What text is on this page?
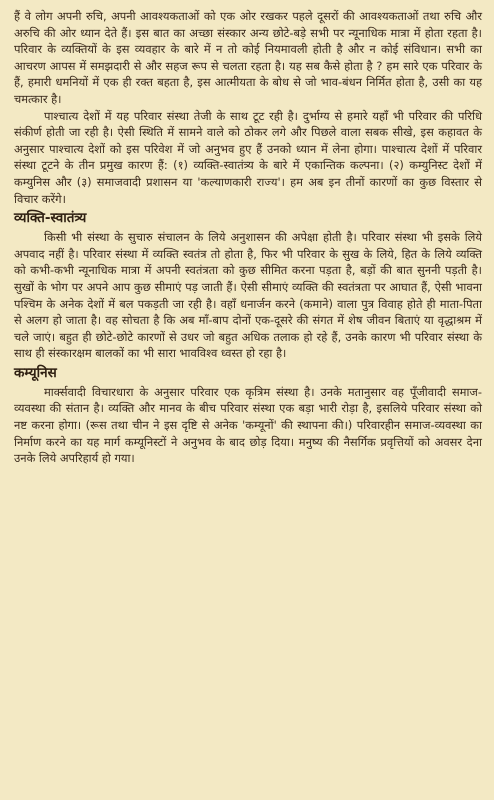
हैं वे लोग अपनी रुचि, अपनी आवश्यकताओं को एक ओर रखकर पहले दूसरों की आवश्यकताओं तथा रुचि और अरुचि की ओर ध्यान देते हैं। इस बात का अच्छा संस्कार अन्य छोटे-बड़े सभी पर न्यूनाधिक मात्रा में होता रहता है। परिवार के व्यक्तियों के इस व्यवहार के बारे में न तो कोई नियमावली होती है और न कोई संविधान। सभी का आचरण आपस में समझदारी से और सहज रूप से चलता रहता है। यह सब कैसे होता है ? हम सारे एक परिवार के हैं, हमारी धमनियों में एक ही रक्त बहता है, इस आत्मीयता के बोध से जो भाव-बंधन निर्मित होता है, उसी का यह चमत्कार है।

पाश्चात्य देशों में यह परिवार संस्था तेजी के साथ टूट रही है। दुर्भाग्य से हमारे यहाँ भी परिवार की परिधि संकीर्ण होती जा रही है। ऐसी स्थिति में सामने वाले को ठोकर लगे और पिछले वाला सबक सीखे, इस कहावत के अनुसार पाश्चात्य देशों को इस परिवेश में जो अनुभव हुए हैं उनको ध्यान में लेना होगा। पाश्चात्य देशों में परिवार संस्था टूटने के तीन प्रमुख कारण हैं: (१) व्यक्ति-स्वातंत्र्य के बारे में एकान्तिक कल्पना। (२) कम्युनिस्ट देशों में कम्युनिस और (३) समाजवादी प्रशासन या 'कल्याणकारी राज्य'। हम अब इन तीनों कारणों का कुछ विस्तार से विचार करेंगे।

व्यक्ति-स्वातंत्र्य

किसी भी संस्था के सुचारु संचालन के लिये अनुशासन की अपेक्षा होती है। परिवार संस्था भी इसके लिये अपवाद नहीं है। परिवार संस्था में व्यक्ति स्वतंत्र तो होता है, फिर भी परिवार के सुख के लिये, हित के लिये व्यक्ति को कभी-कभी न्यूनाधिक मात्रा में अपनी स्वतंत्रता को कुछ सीमित करना पड़ता है, बड़ों की बात सुननी पड़ती है। सुखों के भोग पर अपने आप कुछ सीमाएं पड़ जाती हैं। ऐसी सीमाएं व्यक्ति की स्वतंत्रता पर आघात हैं, ऐसी भावना पश्चिम के अनेक देशों में बल पकड़ती जा रही है। वहाँ धनार्जन करने (कमाने) वाला पुत्र विवाह होते ही माता-पिता से अलग हो जाता है। वह सोचता है कि अब माँ-बाप दोनों एक-दूसरे की संगत में शेष जीवन बिताएं या वृद्धाश्रम में चले जाएं। बहुत ही छोटे-छोटे कारणों से उधर जो बहुत अधिक तलाक हो रहे हैं, उनके कारण भी परिवार संस्था के साथ ही संस्कारक्षम बालकों का भी सारा भावविश्व ध्वस्त हो रहा है।

कम्यूनिस

मार्क्सवादी विचारधारा के अनुसार परिवार एक कृत्रिम संस्था है। उनके मतानुसार वह पूँजीवादी समाज-व्यवस्था की संतान है। व्यक्ति और मानव के बीच परिवार संस्था एक बड़ा भारी रोड़ा है, इसलिये परिवार संस्था को नष्ट करना होगा। (रूस तथा चीन ने इस दृष्टि से अनेक 'कम्यूनों' की स्थापना की।) परिवारहीन समाज-व्यवस्था का निर्माण करने का यह मार्ग कम्यूनिस्टों ने अनुभव के बाद छोड़ दिया। मनुष्य की नैसर्गिक प्रवृत्तियों को अवसर देना उनके लिये अपरिहार्य हो गया।
